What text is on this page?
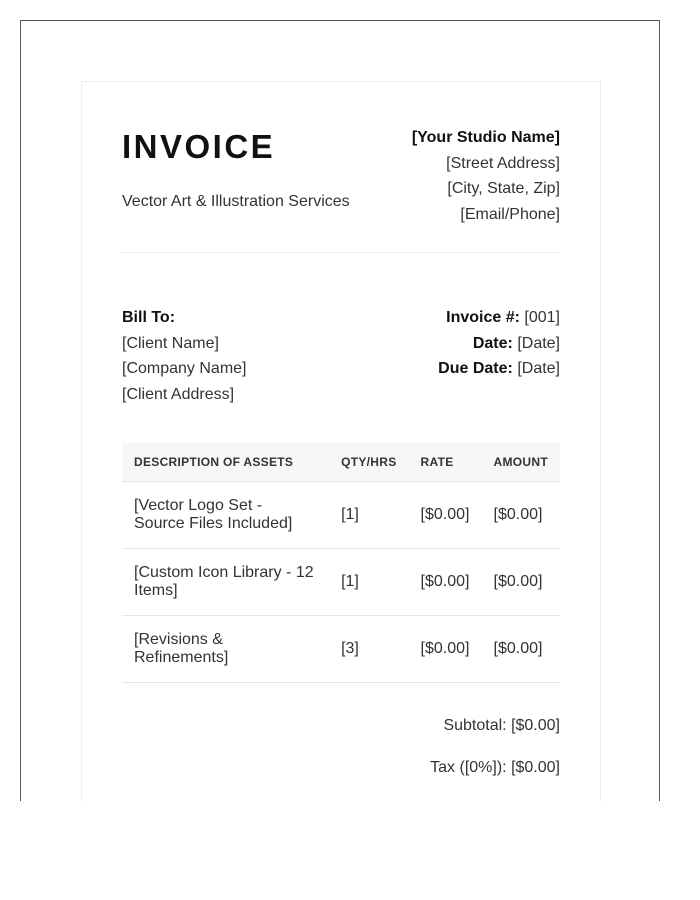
INVOICE
Vector Art & Illustration Services
[Your Studio Name]
[Street Address]
[City, State, Zip]
[Email/Phone]
Bill To:
[Client Name]
[Company Name]
[Client Address]
Invoice #: [001]
Date: [Date]
Due Date: [Date]
DESCRIPTION OF ASSETS	QTY/HRS	RATE	AMOUNT
[Vector Logo Set - Source Files Included]	[1]	[$0.00]	[$0.00]
[Custom Icon Library - 12 Items]	[1]	[$0.00]	[$0.00]
[Revisions & Refinements]	[3]	[$0.00]	[$0.00]
Subtotal: [$0.00]
Tax ([0%]): [$0.00]
